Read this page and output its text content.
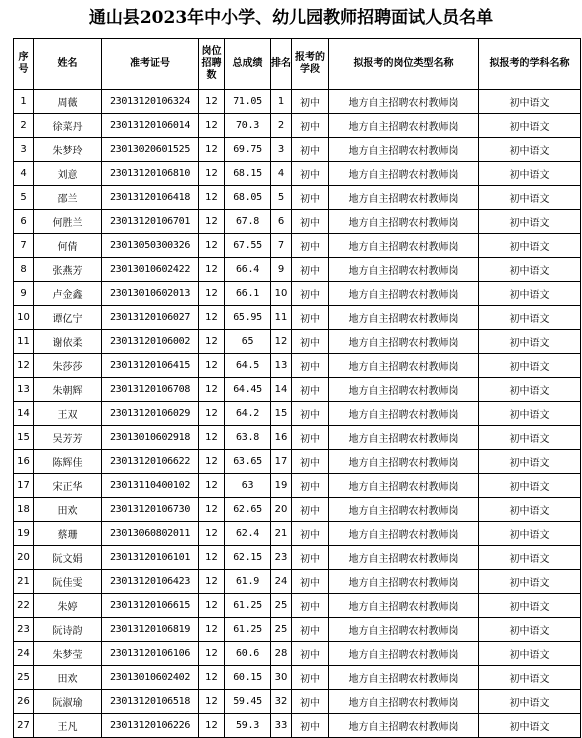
通山县2023年中小学、幼儿园教师招聘面试人员名单
序号	姓名	准考证号	岗位招聘数	总成绩	排名	报考的学段	拟报考的岗位类型名称	拟报考的学科名称
1	周薇	23013120106324	12	71.05	1	初中	地方自主招聘农村教师岗	初中语文
2	徐菜丹	23013120106014	12	70.3	2	初中	地方自主招聘农村教师岗	初中语文
3	朱梦玲	23013020601525	12	69.75	3	初中	地方自主招聘农村教师岗	初中语文
4	刘意	23013120106810	12	68.15	4	初中	地方自主招聘农村教师岗	初中语文
5	邵兰	23013120106418	12	68.05	5	初中	地方自主招聘农村教师岗	初中语文
6	何胜兰	23013120106701	12	67.8	6	初中	地方自主招聘农村教师岗	初中语文
7	何倩	23013050300326	12	67.55	7	初中	地方自主招聘农村教师岗	初中语文
8	张燕芳	23013010602422	12	66.4	9	初中	地方自主招聘农村教师岗	初中语文
9	卢金鑫	23013010602013	12	66.1	10	初中	地方自主招聘农村教师岗	初中语文
10	谭亿宁	23013120106027	12	65.95	11	初中	地方自主招聘农村教师岗	初中语文
11	谢依柔	23013120106002	12	65	12	初中	地方自主招聘农村教师岗	初中语文
12	朱莎莎	23013120106415	12	64.5	13	初中	地方自主招聘农村教师岗	初中语文
13	朱朝辉	23013120106708	12	64.45	14	初中	地方自主招聘农村教师岗	初中语文
14	王双	23013120106029	12	64.2	15	初中	地方自主招聘农村教师岗	初中语文
15	吴芳芳	23013010602918	12	63.8	16	初中	地方自主招聘农村教师岗	初中语文
16	陈辉佳	23013120106622	12	63.65	17	初中	地方自主招聘农村教师岗	初中语文
17	宋正华	23013110400102	12	63	19	初中	地方自主招聘农村教师岗	初中语文
18	田欢	23013120106730	12	62.65	20	初中	地方自主招聘农村教师岗	初中语文
19	蔡珊	23013060802011	12	62.4	21	初中	地方自主招聘农村教师岗	初中语文
20	阮文娟	23013120106101	12	62.15	23	初中	地方自主招聘农村教师岗	初中语文
21	阮佳雯	23013120106423	12	61.9	24	初中	地方自主招聘农村教师岗	初中语文
22	朱婷	23013120106615	12	61.25	25	初中	地方自主招聘农村教师岗	初中语文
23	阮诗韵	23013120106819	12	61.25	25	初中	地方自主招聘农村教师岗	初中语文
24	朱梦莹	23013120106106	12	60.6	28	初中	地方自主招聘农村教师岗	初中语文
25	田欢	23013010602402	12	60.15	30	初中	地方自主招聘农村教师岗	初中语文
26	阮淑瑜	23013120106518	12	59.45	32	初中	地方自主招聘农村教师岗	初中语文
27	王凡	23013120106226	12	59.3	33	初中	地方自主招聘农村教师岗	初中语文
